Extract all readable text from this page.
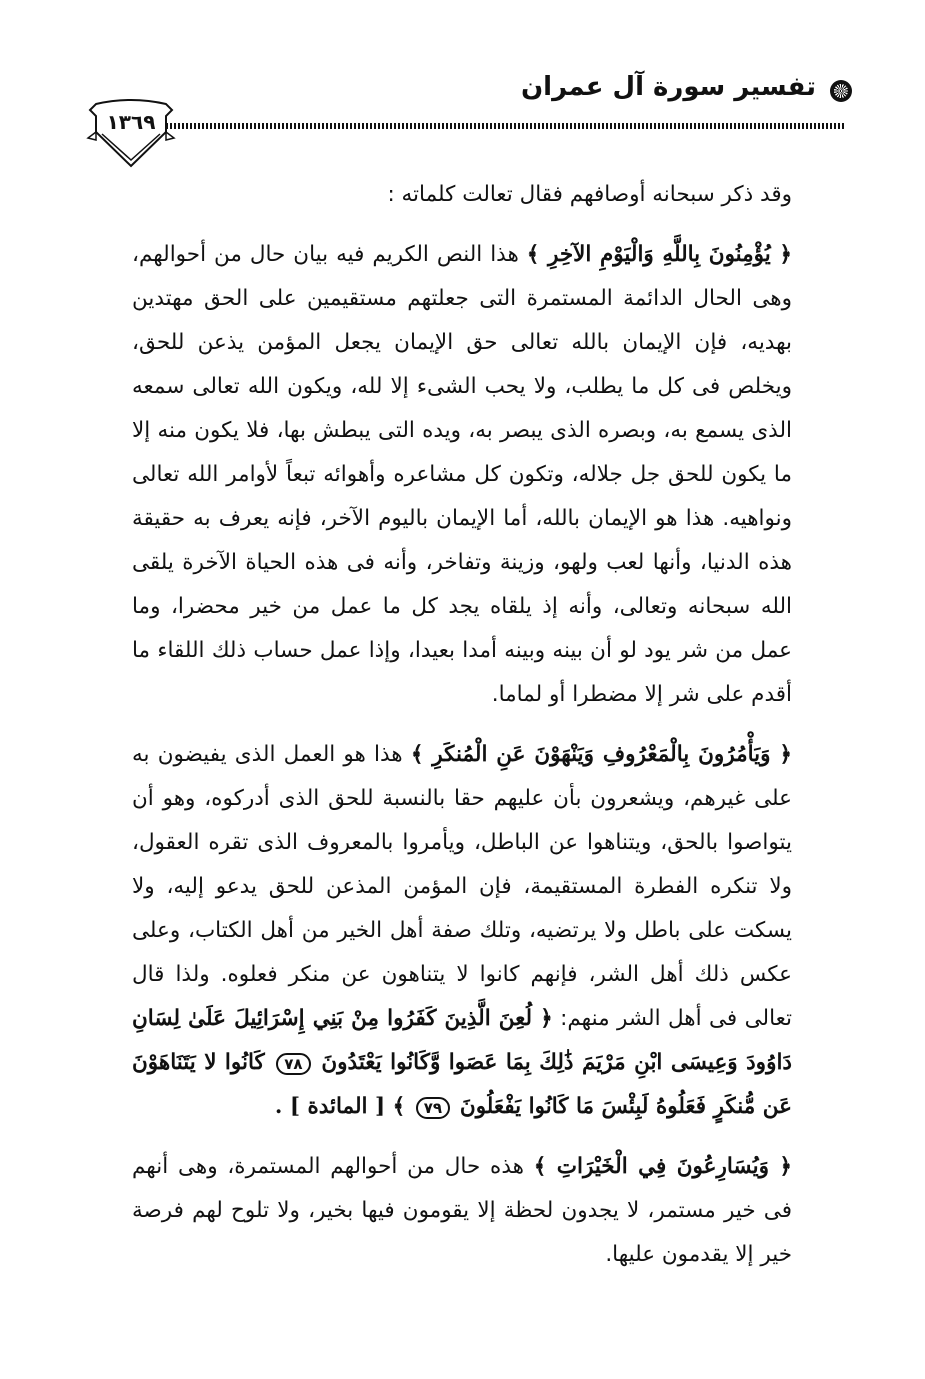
تفسير سورة آل عمران
١٣٦٩

وقد ذكر سبحانه أوصافهم فقال تعالت كلماته :

﴿ يُؤْمِنُونَ بِاللَّهِ وَالْيَوْمِ الآخِرِ ﴾ هذا النص الكريم فيه بيان حال من أحوالهم، وهى الحال الدائمة المستمرة التى جعلتهم مستقيمين على الحق مهتدين بهديه، فإن الإيمان بالله تعالى حق الإيمان يجعل المؤمن يذعن للحق، ويخلص فى كل ما يطلب، ولا يحب الشىء إلا لله، ويكون الله تعالى سمعه الذى يسمع به، وبصره الذى يبصر به، ويده التى يبطش بها، فلا يكون منه إلا ما يكون للحق جل جلاله، وتكون كل مشاعره وأهوائه تبعاً لأوامر الله تعالى ونواهيه. هذا هو الإيمان بالله، أما الإيمان باليوم الآخر، فإنه يعرف به حقيقة هذه الدنيا، وأنها لعب ولهو، وزينة وتفاخر، وأنه فى هذه الحياة الآخرة يلقى الله سبحانه وتعالى، وأنه إذ يلقاه يجد كل ما عمل من خير محضرا، وما عمل من شر يود لو أن بينه وبينه أمدا بعيدا، وإذا عمل حساب ذلك اللقاء ما أقدم على شر إلا مضطرا أو لماما.

﴿ وَيَأْمُرُونَ بِالْمَعْرُوفِ وَيَنْهَوْنَ عَنِ الْمُنكَرِ ﴾ هذا هو العمل الذى يفيضون به على غيرهم، ويشعرون بأن عليهم حقا بالنسبة للحق الذى أدركوه، وهو أن يتواصوا بالحق، ويتناهوا عن الباطل، ويأمروا بالمعروف الذى تقره العقول، ولا تنكره الفطرة المستقيمة، فإن المؤمن المذعن للحق يدعو إليه، ولا يسكت على باطل ولا يرتضيه، وتلك صفة أهل الخير من أهل الكتاب، وعلى عكس ذلك أهل الشر، فإنهم كانوا لا يتناهون عن منكر فعلوه. ولذا قال تعالى فى أهل الشر منهم: ﴿ لُعِنَ الَّذِينَ كَفَرُوا مِنْ بَنِي إِسْرَائِيلَ عَلَىٰ لِسَانِ دَاوُودَ وَعِيسَى ابْنِ مَرْيَمَ ذَٰلِكَ بِمَا عَصَوا وَّكَانُوا يَعْتَدُونَ ٧٨ كَانُوا لا يَتَنَاهَوْنَ عَن مُّنكَرٍ فَعَلُوهُ لَبِئْسَ مَا كَانُوا يَفْعَلُونَ ٧٩ ﴾ [ المائدة ] .

﴿ وَيُسَارِعُونَ فِي الْخَيْرَاتِ ﴾ هذه حال من أحوالهم المستمرة، وهى أنهم فى خير مستمر، لا يجدون لحظة إلا يقومون فيها بخير، ولا تلوح لهم فرصة خير إلا يقدمون عليها.
